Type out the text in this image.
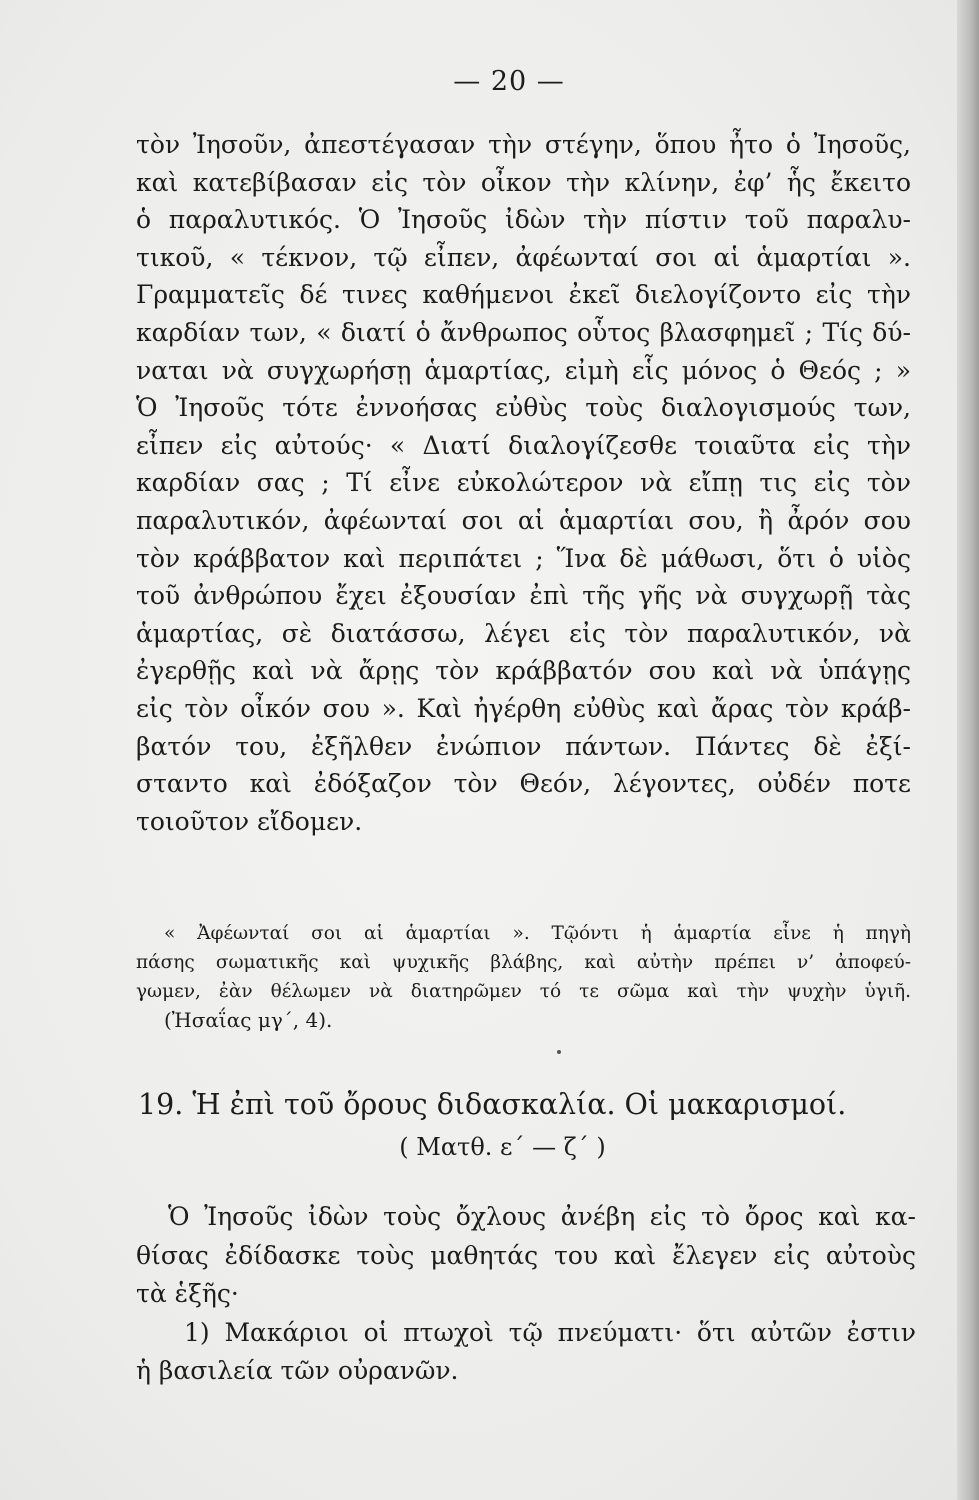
— 20 —
τὸν Ἰησοῦν, ἀπεστέγασαν τὴν στέγην, ὅπου ἦτο ὁ Ἰησοῦς,
καὶ κατεβίβασαν εἰς τὸν οἶκον τὴν κλίνην, ἐφ’ ἧς ἔκειτο
ὁ παραλυτικός. Ὁ Ἰησοῦς ἰδὼν τὴν πίστιν τοῦ παραλυ-
τικοῦ, « τέκνον, τῷ εἶπεν, ἀφέωνταί σοι αἱ ἁμαρτίαι ».
Γραμματεῖς δέ τινες καθήμενοι ἐκεῖ διελογίζοντο εἰς τὴν
καρδίαν των, « διατί ὁ ἄνθρωπος οὗτος βλασφημεῖ ; Τίς δύ-
ναται νὰ συγχωρήσῃ ἁμαρτίας, εἰμὴ εἷς μόνος ὁ Θεός ; »
Ὁ Ἰησοῦς τότε ἐννοήσας εὐθὺς τοὺς διαλογισμούς των,
εἶπεν εἰς αὐτούς· « Διατί διαλογίζεσθε τοιαῦτα εἰς τὴν
καρδίαν σας ; Τί εἶνε εὐκολώτερον νὰ εἴπῃ τις εἰς τὸν
παραλυτικόν, ἀφέωνταί σοι αἱ ἁμαρτίαι σου, ἢ ἆρόν σου
τὸν κράββατον καὶ περιπάτει ; Ἵνα δὲ μάθωσι, ὅτι ὁ υἱὸς
τοῦ ἀνθρώπου ἔχει ἐξουσίαν ἐπὶ τῆς γῆς νὰ συγχωρῇ τὰς
ἁμαρτίας, σὲ διατάσσω, λέγει εἰς τὸν παραλυτικόν, νὰ
ἐγερθῇς καὶ νὰ ἄρῃς τὸν κράββατόν σου καὶ νὰ ὑπάγῃς
εἰς τὸν οἶκόν σου ». Καὶ ἠγέρθη εὐθὺς καὶ ἄρας τὸν κράβ-
βατόν του, ἐξῆλθεν ἐνώπιον πάντων. Πάντες δὲ ἐξί-
σταντο καὶ ἐδόξαζον τὸν Θεόν, λέγοντες, οὐδέν ποτε
τοιοῦτον εἴδομεν.
« Ἀφέωνταί σοι αἱ ἁμαρτίαι ». Τῷόντι ἡ ἁμαρτία εἶνε ἡ πηγὴ
πάσης σωματικῆς καὶ ψυχικῆς βλάβης, καὶ αὐτὴν πρέπει ν’ ἀποφεύ-
γωμεν, ἐὰν θέλωμεν νὰ διατηρῶμεν τό τε σῶμα καὶ τὴν ψυχὴν ὑγιῆ.
(Ἠσαΐας μγ΄, 4).
19. Ἡ ἐπὶ τοῦ ὄρους διδασκαλία. Οἱ μακαρισμοί.
( Ματθ. ε΄ — ζ΄ )
Ὁ Ἰησοῦς ἰδὼν τοὺς ὄχλους ἀνέβη εἰς τὸ ὄρος καὶ κα-
θίσας ἐδίδασκε τοὺς μαθητάς του καὶ ἔλεγεν εἰς αὐτοὺς
τὰ ἑξῆς·
1) Μακάριοι οἱ πτωχοὶ τῷ πνεύματι· ὅτι αὐτῶν ἐστιν
ἡ βασιλεία τῶν οὐρανῶν.
